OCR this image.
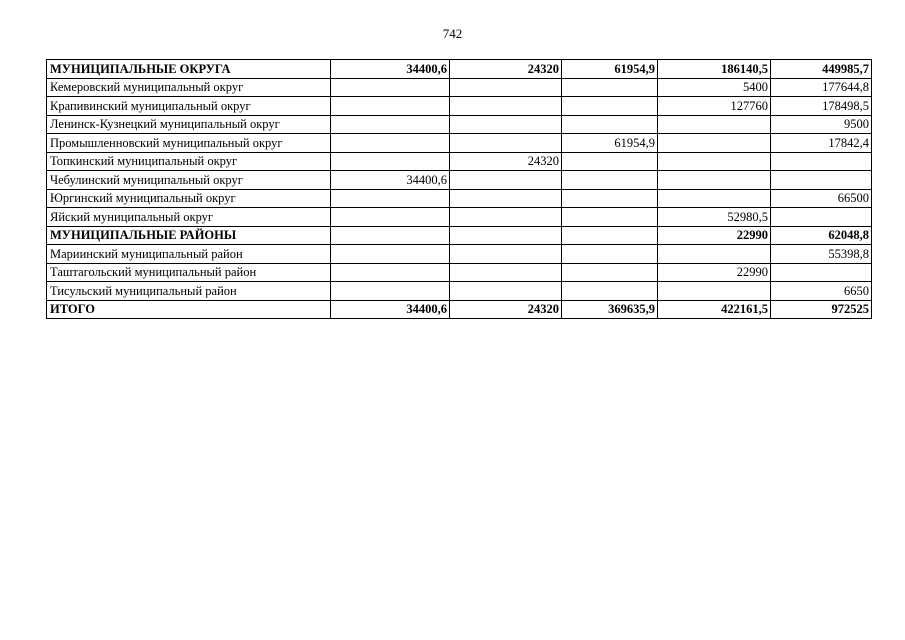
742
МУНИЦИПАЛЬНЫЕ ОКРУГА	34400,6	24320	61954,9	186140,5	449985,7
Кемеровский муниципальный округ				5400	177644,8
Крапивинский муниципальный округ				127760	178498,5
Ленинск-Кузнецкий муниципальный округ					9500
Промышленновский муниципальный округ			61954,9		17842,4
Топкинский муниципальный округ		24320			
Чебулинский муниципальный округ	34400,6				
Юргинский муниципальный округ					66500
Яйский муниципальный округ				52980,5	
МУНИЦИПАЛЬНЫЕ РАЙОНЫ				22990	62048,8
Мариинский муниципальный район					55398,8
Таштагольский муниципальный район				22990	
Тисульский муниципальный район					6650
ИТОГО	34400,6	24320	369635,9	422161,5	972525
